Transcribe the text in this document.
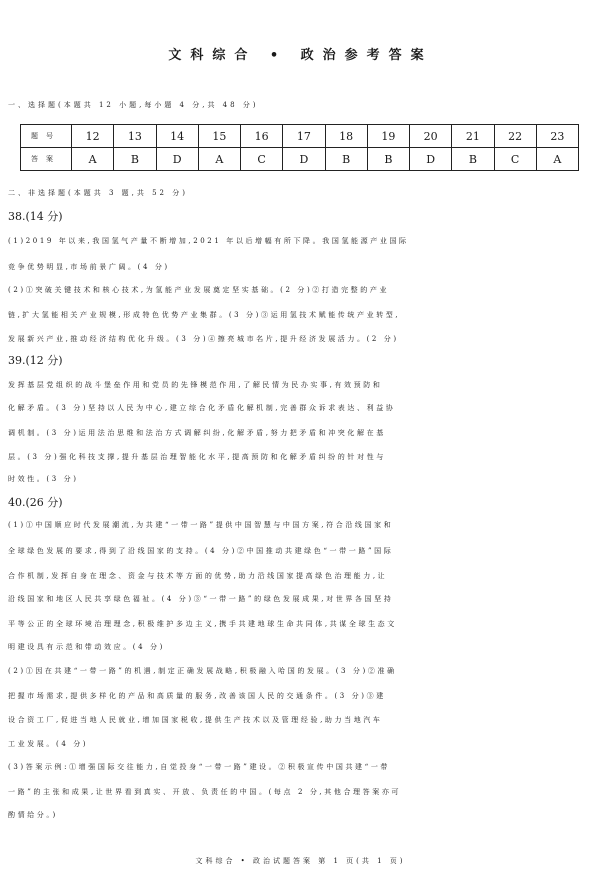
文科综合 • 政治参考答案
一、选择题(本题共 12 小题,每小题 4 分,共 48 分)
题号	12	13	14	15	16	17	18	19	20	21	22	23
答案	A	B	D	A	C	D	B	B	D	B	C	A
二、非选择题(本题共 3 题,共 52 分)
38.(14 分)
(1)2019 年以来,我国氢气产量不断增加,2021 年以后增幅有所下降。我国氢能源产业国际
竞争优势明显,市场前景广阔。(4 分)
(2)①突破关键技术和核心技术,为氢能产业发展奠定坚实基础。(2 分)②打造完整的产业
链,扩大氢能相关产业规模,形成特色优势产业集群。(3 分)③运用氢技术赋能传统产业转型,
发展新兴产业,推动经济结构优化升级。(3 分)④擦亮城市名片,提升经济发展活力。(2 分)
39.(12 分)
发挥基层党组织的战斗堡垒作用和党员的先锋模范作用,了解民情为民办实事,有效预防和
化解矛盾。(3 分)坚持以人民为中心,建立综合化矛盾化解机制,完善群众诉求表达、利益协
调机制。(3 分)运用法治思维和法治方式调解纠纷,化解矛盾,努力把矛盾和冲突化解在基
层。(3 分)强化科技支撑,提升基层治理智能化水平,提高预防和化解矛盾纠纷的针对性与
时效性。(3 分)
40.(26 分)
(1)①中国顺应时代发展潮流,为共建“一带一路”提供中国智慧与中国方案,符合沿线国家和
全球绿色发展的要求,得到了沿线国家的支持。(4 分)②中国推动共建绿色“一带一路”国际
合作机制,发挥自身在理念、资金与技术等方面的优势,助力沿线国家提高绿色治理能力,让
沿线国家和地区人民共享绿色福祉。(4 分)③“一带一路”的绿色发展成果,对世界各国坚持
平等公正的全球环境治理理念,积极维护多边主义,携手共建地球生命共同体,共谋全球生态文
明建设具有示范和带动效应。(4 分)
(2)①因在共建“一带一路”的机遇,制定正确发展战略,积极融入哈国的发展。(3 分)②准确
把握市场需求,提供多样化的产品和高质量的服务,改善该国人民的交通条件。(3 分)③建
设合资工厂,促进当地人民就业,增加国家税收,提供生产技术以及管理经验,助力当地汽车
工业发展。(4 分)
(3)答案示例:①增强国际交往能力,自觉投身“一带一路”建设。②积极宣传中国共建“一带
一路”的主张和成果,让世界看到真实、开放、负责任的中国。(每点 2 分,其他合理答案亦可
酌情给分。)
文科综合 • 政治试题答案 第 1 页(共 1 页)
